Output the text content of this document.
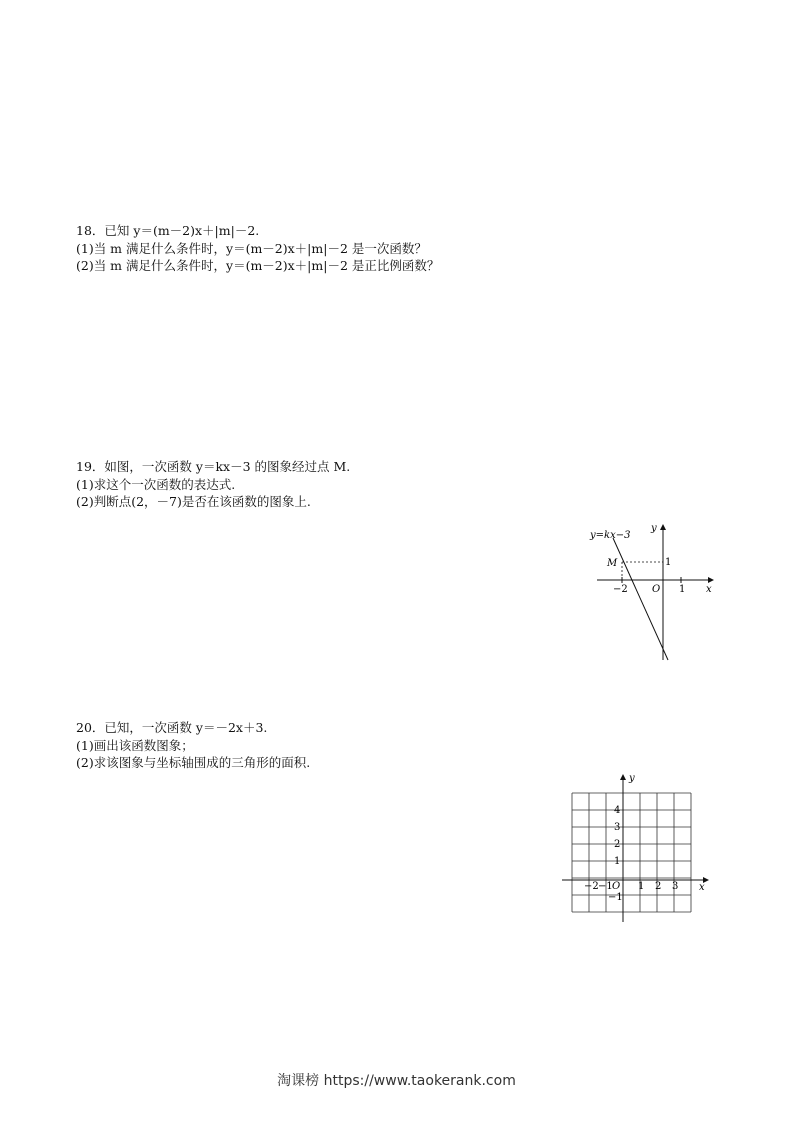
18．已知 y＝(m－2)x＋|m|－2.
(1)当 m 满足什么条件时，y＝(m－2)x＋|m|－2 是一次函数？
(2)当 m 满足什么条件时，y＝(m－2)x＋|m|－2 是正比例函数？
19．如图，一次函数 y＝kx－3 的图象经过点 M.
(1)求这个一次函数的表达式.
(2)判断点(2，－7)是否在该函数的图象上.
y=kx−3
y
x
M	1
−2 O 1
20．已知，一次函数 y＝－2x＋3.
(1)画出该函数图象；
(2)求该图象与坐标轴围成的三角形的面积.
y
x
O
−2 −1	1 2 3
4
3
2
1
−1
淘课榜 https://www.taokerank.com
